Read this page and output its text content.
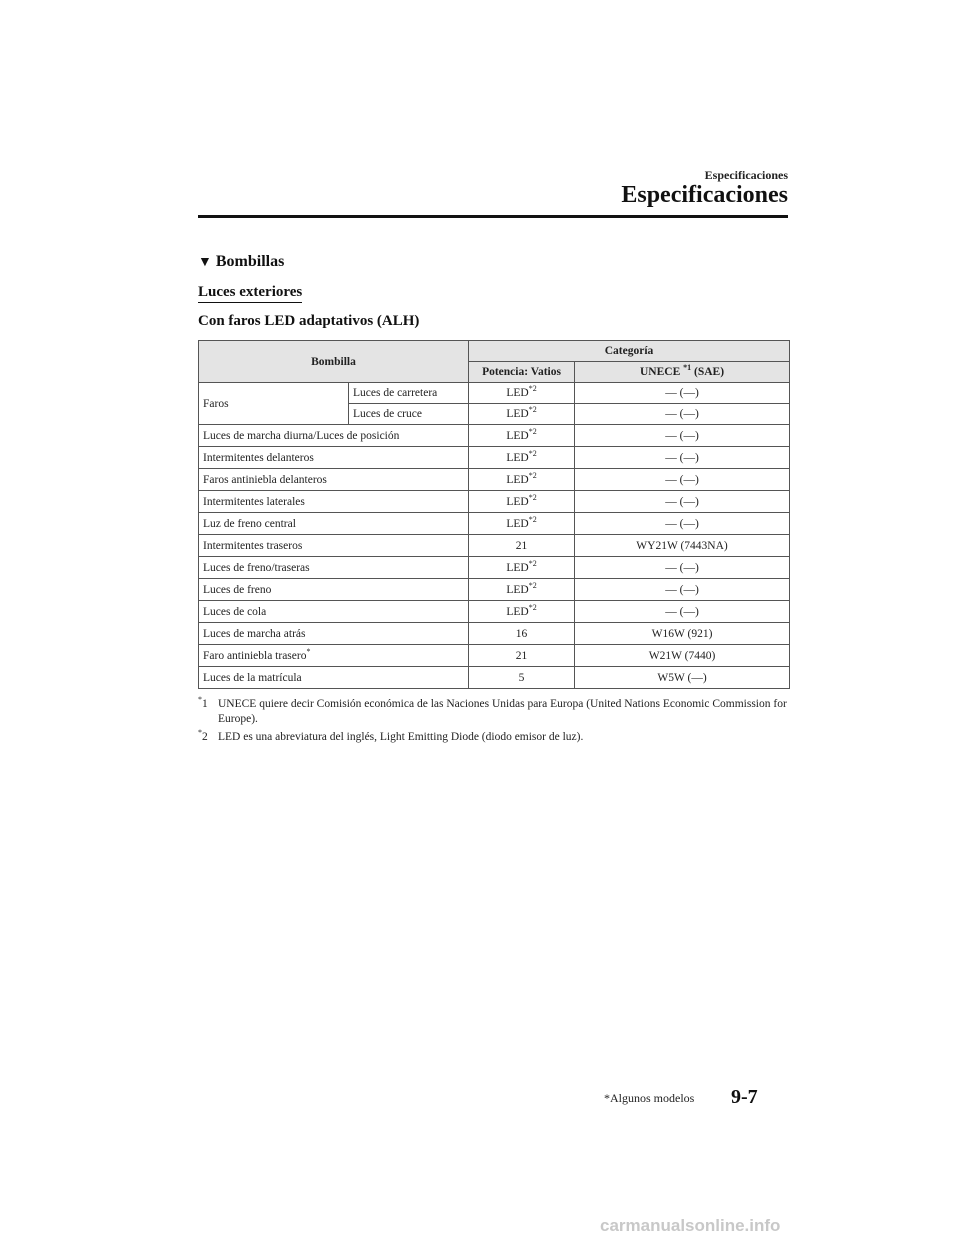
Especificaciones
Especificaciones
▼ Bombillas
Luces exteriores
Con faros LED adaptativos (ALH)
Bombilla		Categoría	
		Potencia: Vatios	UNECE $^{*1}$ (SAE)
Faros	Luces de carretera	LED$^{*2}$	— (—)
	Luces de cruce	LED$^{*2}$	— (—)
Luces de marcha diurna/Luces de posición		LED$^{*2}$	— (—)
Intermitentes delanteros		LED$^{*2}$	— (—)
Faros antiniebla delanteros		LED$^{*2}$	— (—)
Intermitentes laterales		LED$^{*2}$	— (—)
Luz de freno central		LED$^{*2}$	— (—)
Intermitentes traseros		21	WY21W (7443NA)
Luces de freno/traseras		LED$^{*2}$	— (—)
Luces de freno		LED$^{*2}$	— (—)
Luces de cola		LED$^{*2}$	— (—)
Luces de marcha atrás		16	W16W (921)
Faro antiniebla trasero*		21	W21W (7440)
Luces de la matrícula		5	W5W (—)
*1 UNECE quiere decir Comisión económica de las Naciones Unidas para Europa (United Nations Economic Commission for Europe).
*2 LED es una abreviatura del inglés, Light Emitting Diode (diodo emisor de luz).
*Algunos modelos 9-7
carmanualsonline.info
